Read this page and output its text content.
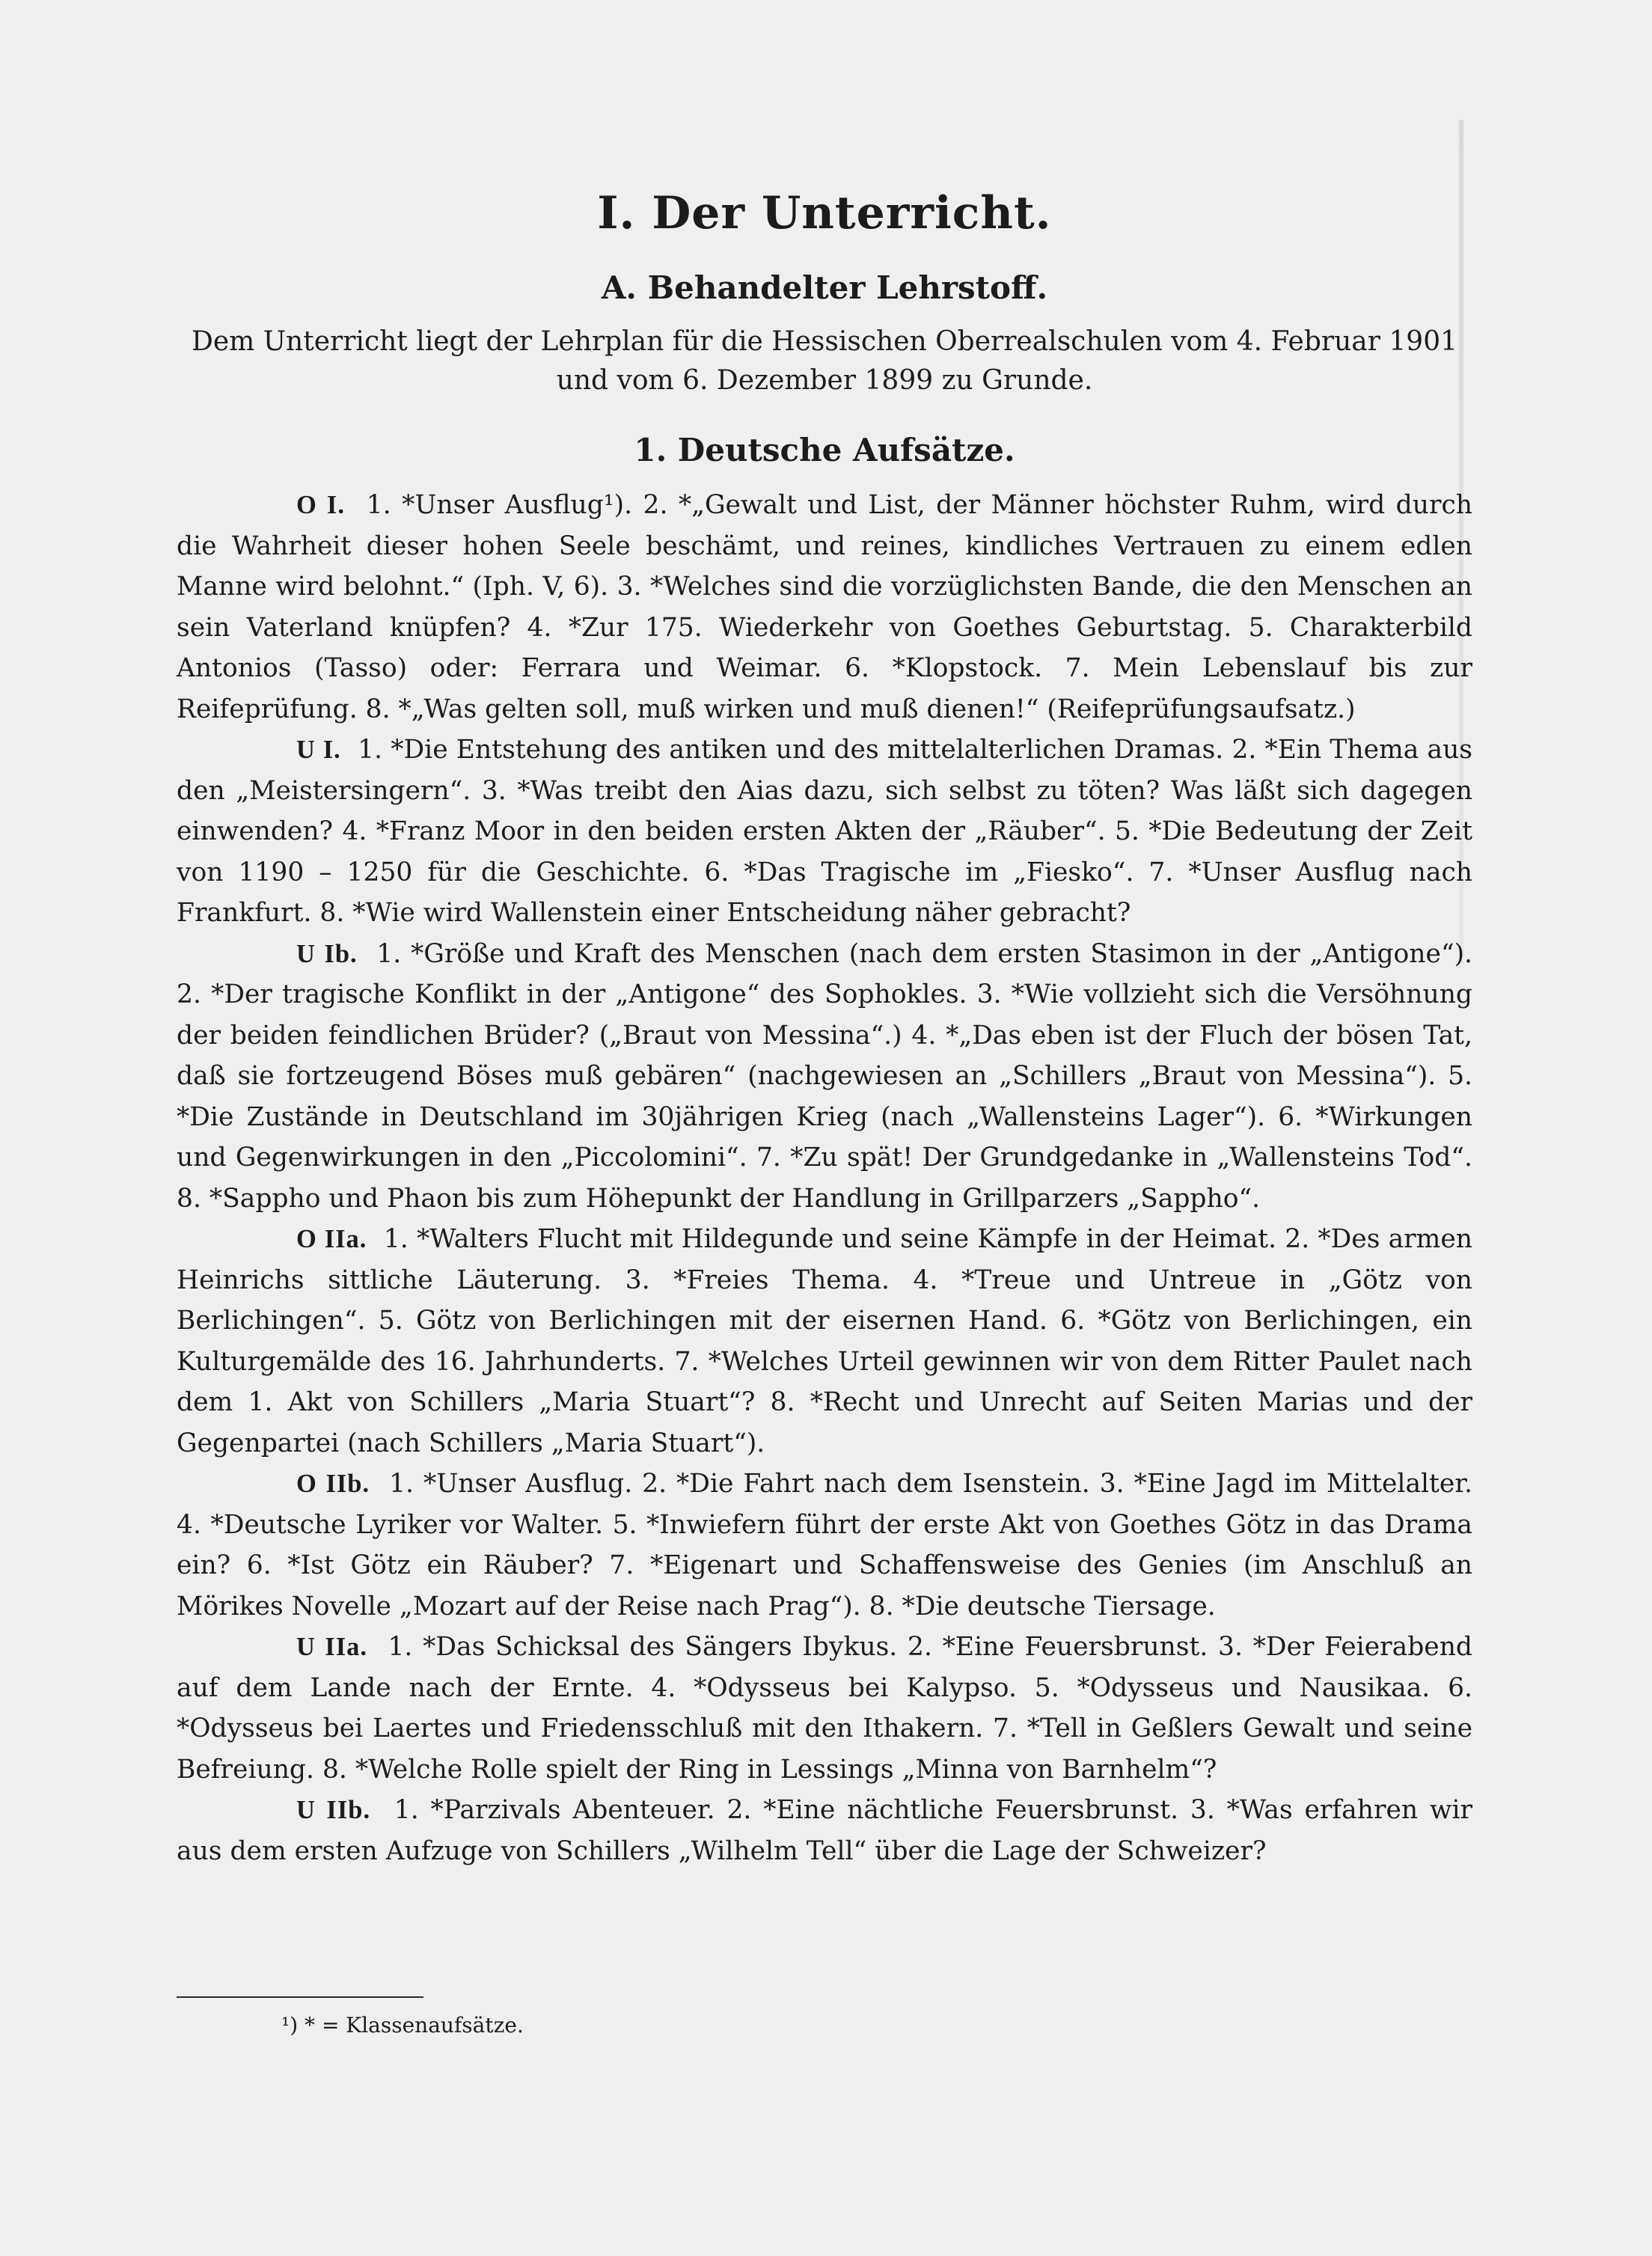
I. Der Unterricht.
A. Behandelter Lehrstoff.

Dem Unterricht liegt der Lehrplan für die Hessischen Oberrealschulen vom 4. Februar 1901 und vom 6. Dezember 1899 zu Grunde.

1. Deutsche Aufsätze.

O I. 1. *Unser Ausflug¹). 2. *„Gewalt und List, der Männer höchster Ruhm, wird durch die Wahrheit dieser hohen Seele beschämt, und reines, kindliches Vertrauen zu einem edlen Manne wird belohnt.“ (Iph. V, 6). 3. *Welches sind die vorzüglichsten Bande, die den Menschen an sein Vaterland knüpfen? 4. *Zur 175. Wiederkehr von Goethes Geburtstag. 5. Charakterbild Antonios (Tasso) oder: Ferrara und Weimar. 6. *Klopstock. 7. Mein Lebenslauf bis zur Reifeprüfung. 8. *„Was gelten soll, muß wirken und muß dienen!“ (Reifeprüfungsaufsatz.)

U I. 1. *Die Entstehung des antiken und des mittelalterlichen Dramas. 2. *Ein Thema aus den „Meistersingern“. 3. *Was treibt den Aias dazu, sich selbst zu töten? Was läßt sich dagegen einwenden? 4. *Franz Moor in den beiden ersten Akten der „Räuber“. 5. *Die Bedeutung der Zeit von 1190 – 1250 für die Geschichte. 6. *Das Tragische im „Fiesko“. 7. *Unser Ausflug nach Frankfurt. 8. *Wie wird Wallenstein einer Entscheidung näher gebracht?

U Ib. 1. *Größe und Kraft des Menschen (nach dem ersten Stasimon in der „Antigone“). 2. *Der tragische Konflikt in der „Antigone“ des Sophokles. 3. *Wie vollzieht sich die Versöhnung der beiden feindlichen Brüder? („Braut von Messina“.) 4. *„Das eben ist der Fluch der bösen Tat, daß sie fortzeugend Böses muß gebären“ (nachgewiesen an „Schillers „Braut von Messina“). 5. *Die Zustände in Deutschland im 30jährigen Krieg (nach „Wallensteins Lager“). 6. *Wirkungen und Gegenwirkungen in den „Piccolomini“. 7. *Zu spät! Der Grundgedanke in „Wallensteins Tod“. 8. *Sappho und Phaon bis zum Höhepunkt der Handlung in Grillparzers „Sappho“.

O IIa. 1. *Walters Flucht mit Hildegunde und seine Kämpfe in der Heimat. 2. *Des armen Heinrichs sittliche Läuterung. 3. *Freies Thema. 4. *Treue und Untreue in „Götz von Berlichingen“. 5. Götz von Berlichingen mit der eisernen Hand. 6. *Götz von Berlichingen, ein Kulturgemälde des 16. Jahrhunderts. 7. *Welches Urteil gewinnen wir von dem Ritter Paulet nach dem 1. Akt von Schillers „Maria Stuart“? 8. *Recht und Unrecht auf Seiten Marias und der Gegenpartei (nach Schillers „Maria Stuart“).

O IIb. 1. *Unser Ausflug. 2. *Die Fahrt nach dem Isenstein. 3. *Eine Jagd im Mittelalter. 4. *Deutsche Lyriker vor Walter. 5. *Inwiefern führt der erste Akt von Goethes Götz in das Drama ein? 6. *Ist Götz ein Räuber? 7. *Eigenart und Schaffensweise des Genies (im Anschluß an Mörikes Novelle „Mozart auf der Reise nach Prag“). 8. *Die deutsche Tiersage.

U IIa. 1. *Das Schicksal des Sängers Ibykus. 2. *Eine Feuersbrunst. 3. *Der Feierabend auf dem Lande nach der Ernte. 4. *Odysseus bei Kalypso. 5. *Odysseus und Nausikaa. 6. *Odysseus bei Laertes und Friedensschluß mit den Ithakern. 7. *Tell in Geßlers Gewalt und seine Befreiung. 8. *Welche Rolle spielt der Ring in Lessings „Minna von Barnhelm“?

U IIb. 1. *Parzivals Abenteuer. 2. *Eine nächtliche Feuersbrunst. 3. *Was erfahren wir aus dem ersten Aufzuge von Schillers „Wilhelm Tell“ über die Lage der Schweizer?

¹) * = Klassenaufsätze.
